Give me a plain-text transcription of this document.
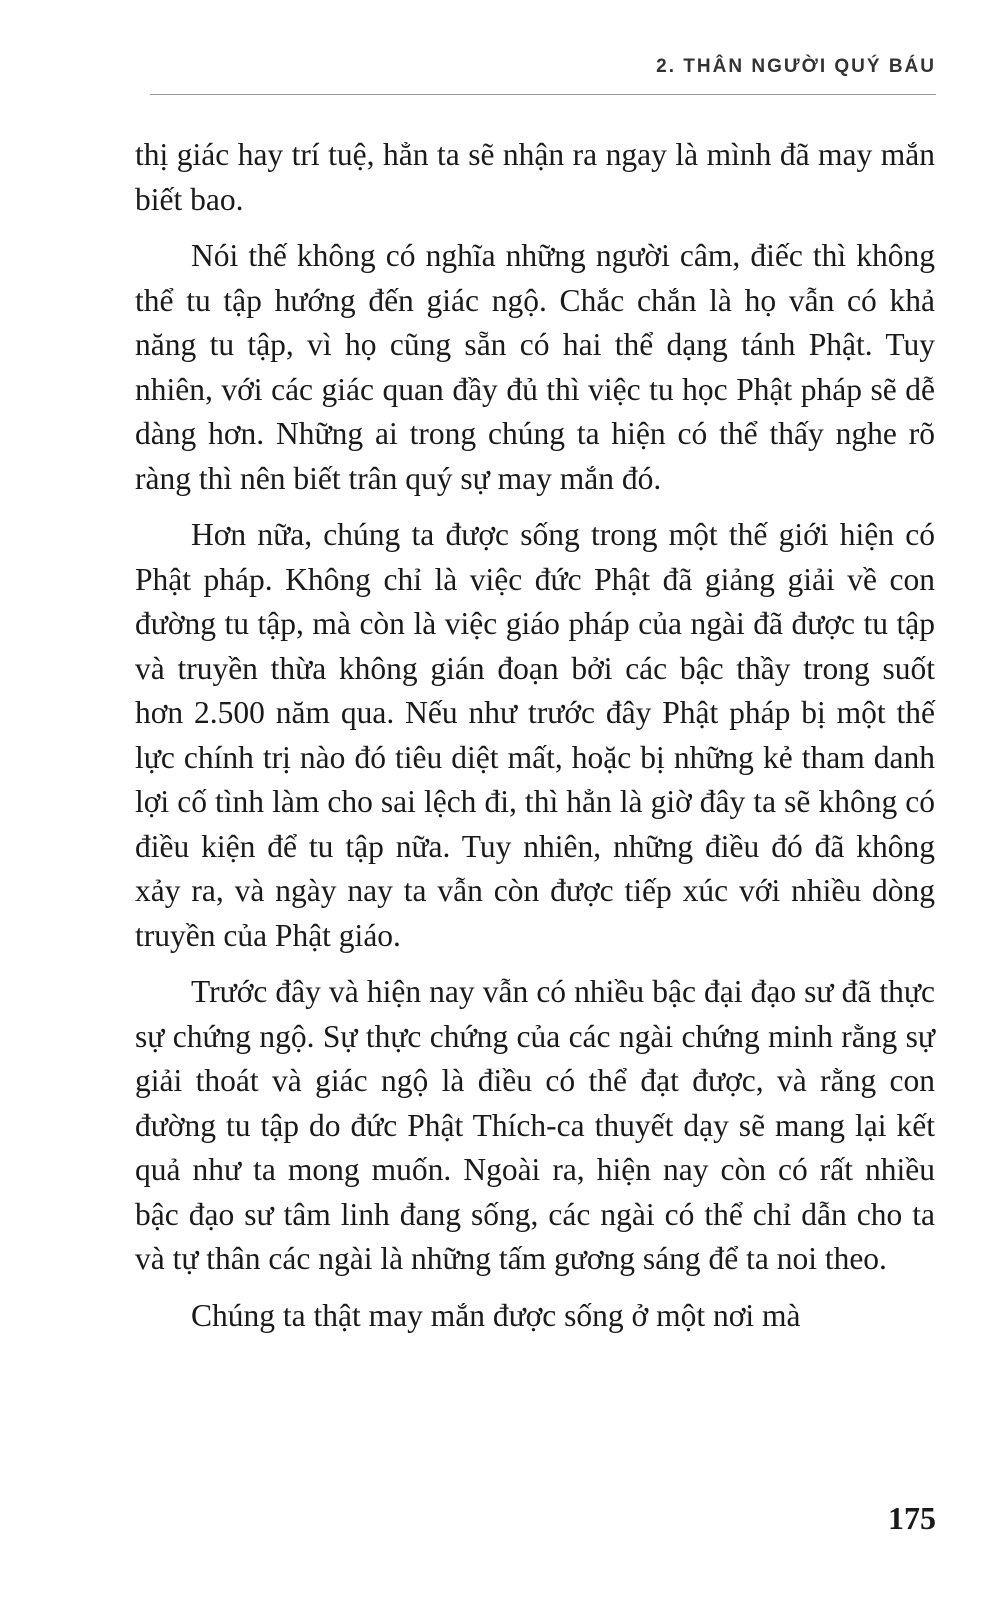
2. THÂN NGƯỜI QUÝ BÁU

thị giác hay trí tuệ, hẳn ta sẽ nhận ra ngay là mình đã may mắn biết bao.

Nói thế không có nghĩa những người câm, điếc thì không thể tu tập hướng đến giác ngộ. Chắc chắn là họ vẫn có khả năng tu tập, vì họ cũng sẵn có hai thể dạng tánh Phật. Tuy nhiên, với các giác quan đầy đủ thì việc tu học Phật pháp sẽ dễ dàng hơn. Những ai trong chúng ta hiện có thể thấy nghe rõ ràng thì nên biết trân quý sự may mắn đó.

Hơn nữa, chúng ta được sống trong một thế giới hiện có Phật pháp. Không chỉ là việc đức Phật đã giảng giải về con đường tu tập, mà còn là việc giáo pháp của ngài đã được tu tập và truyền thừa không gián đoạn bởi các bậc thầy trong suốt hơn 2.500 năm qua. Nếu như trước đây Phật pháp bị một thế lực chính trị nào đó tiêu diệt mất, hoặc bị những kẻ tham danh lợi cố tình làm cho sai lệch đi, thì hẳn là giờ đây ta sẽ không có điều kiện để tu tập nữa. Tuy nhiên, những điều đó đã không xảy ra, và ngày nay ta vẫn còn được tiếp xúc với nhiều dòng truyền của Phật giáo.

Trước đây và hiện nay vẫn có nhiều bậc đại đạo sư đã thực sự chứng ngộ. Sự thực chứng của các ngài chứng minh rằng sự giải thoát và giác ngộ là điều có thể đạt được, và rằng con đường tu tập do đức Phật Thích-ca thuyết dạy sẽ mang lại kết quả như ta mong muốn. Ngoài ra, hiện nay còn có rất nhiều bậc đạo sư tâm linh đang sống, các ngài có thể chỉ dẫn cho ta và tự thân các ngài là những tấm gương sáng để ta noi theo.

Chúng ta thật may mắn được sống ở một nơi mà

175
